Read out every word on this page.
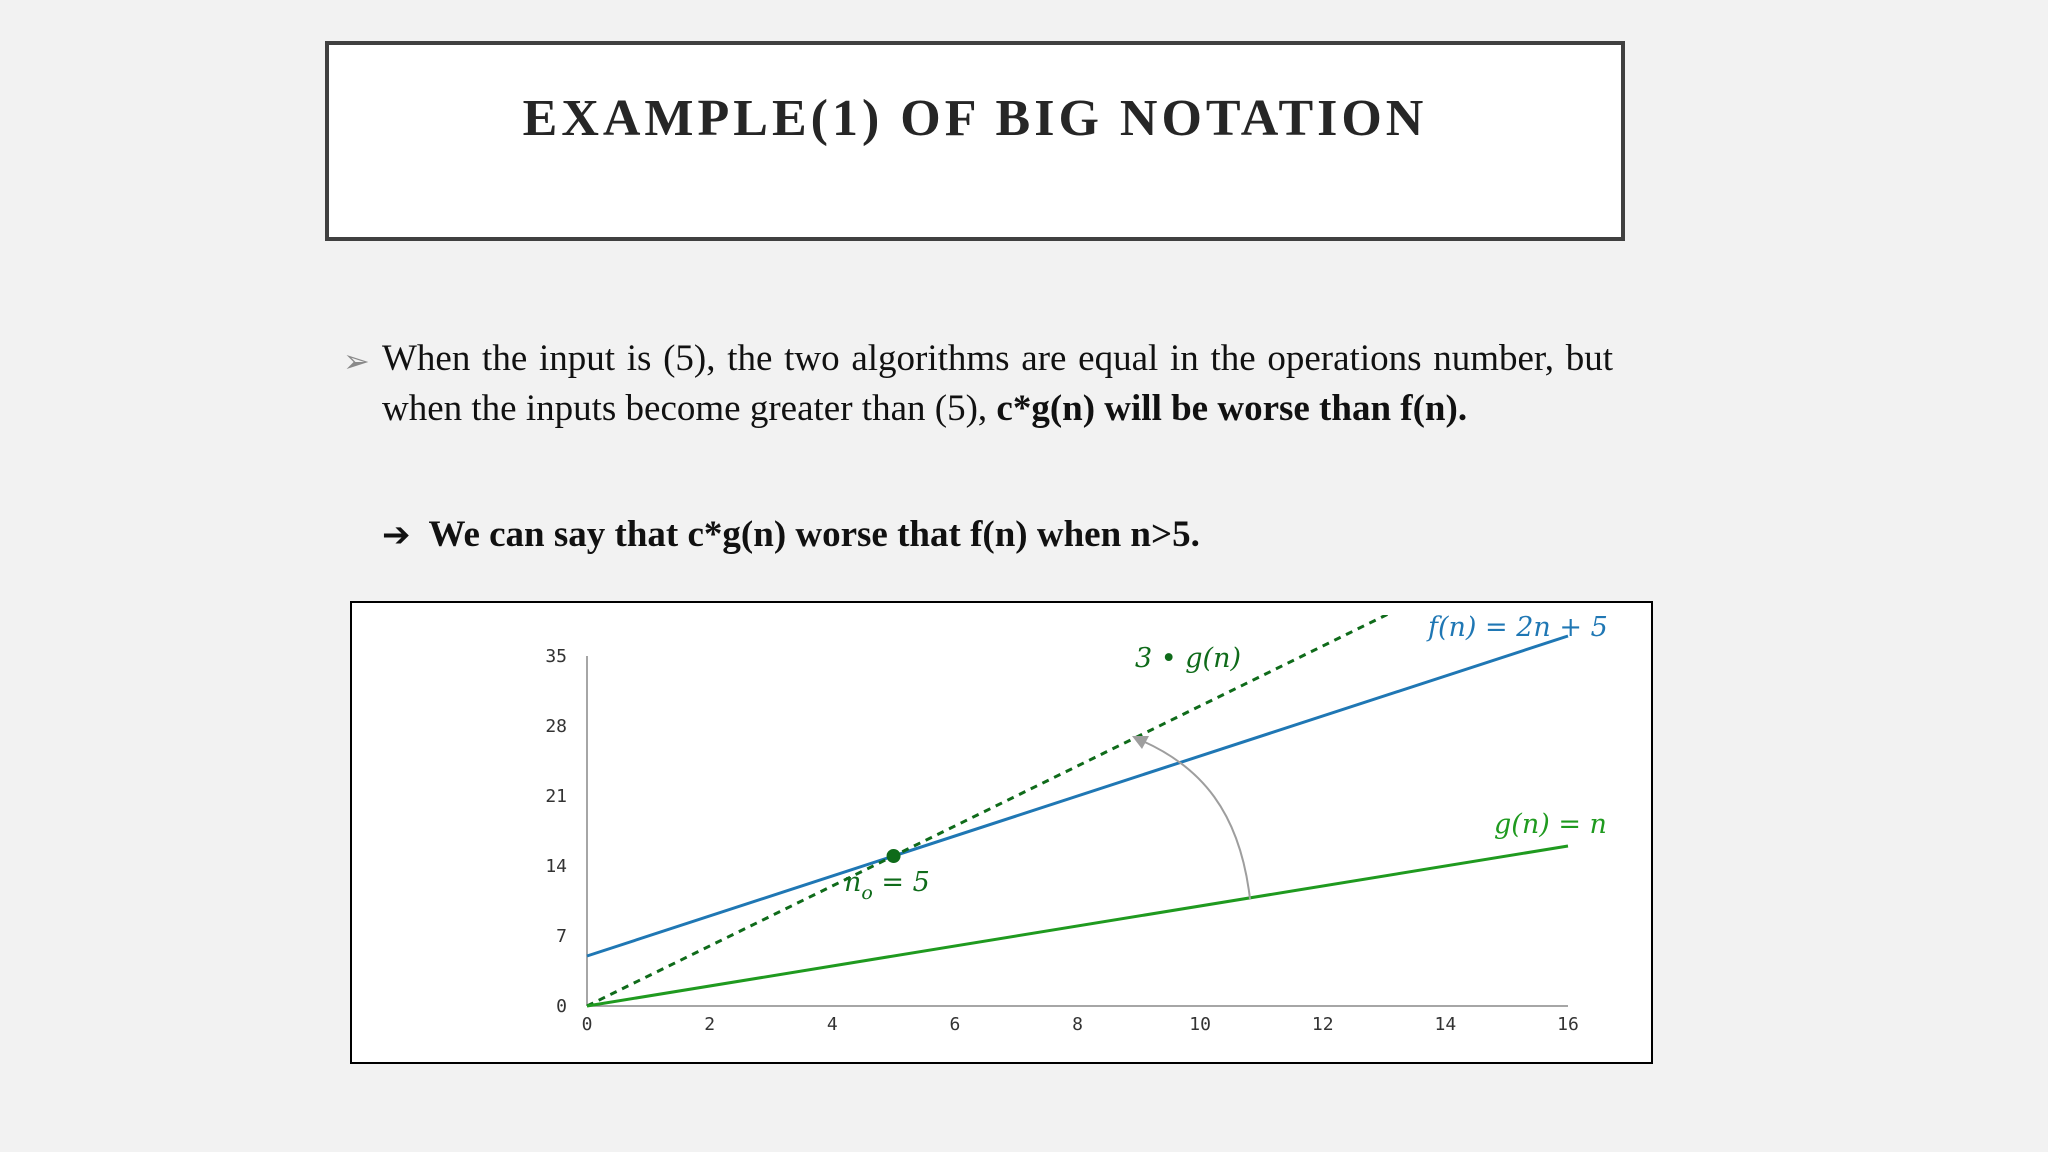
EXAMPLE(1) OF BIG NOTATION
➢ When the input is (5), the two algorithms are equal in the operations number, but when the inputs become greater than (5), c*g(n) will be worse than f(n).
➔ We can say that c*g(n) worse that f(n) when n>5.
0	2	4	6	8	10	12	14	16
0
7
14
21
28
35
f(n) = 2n + 5
g(n) = n
3 • g(n)
$n_o = 5$
